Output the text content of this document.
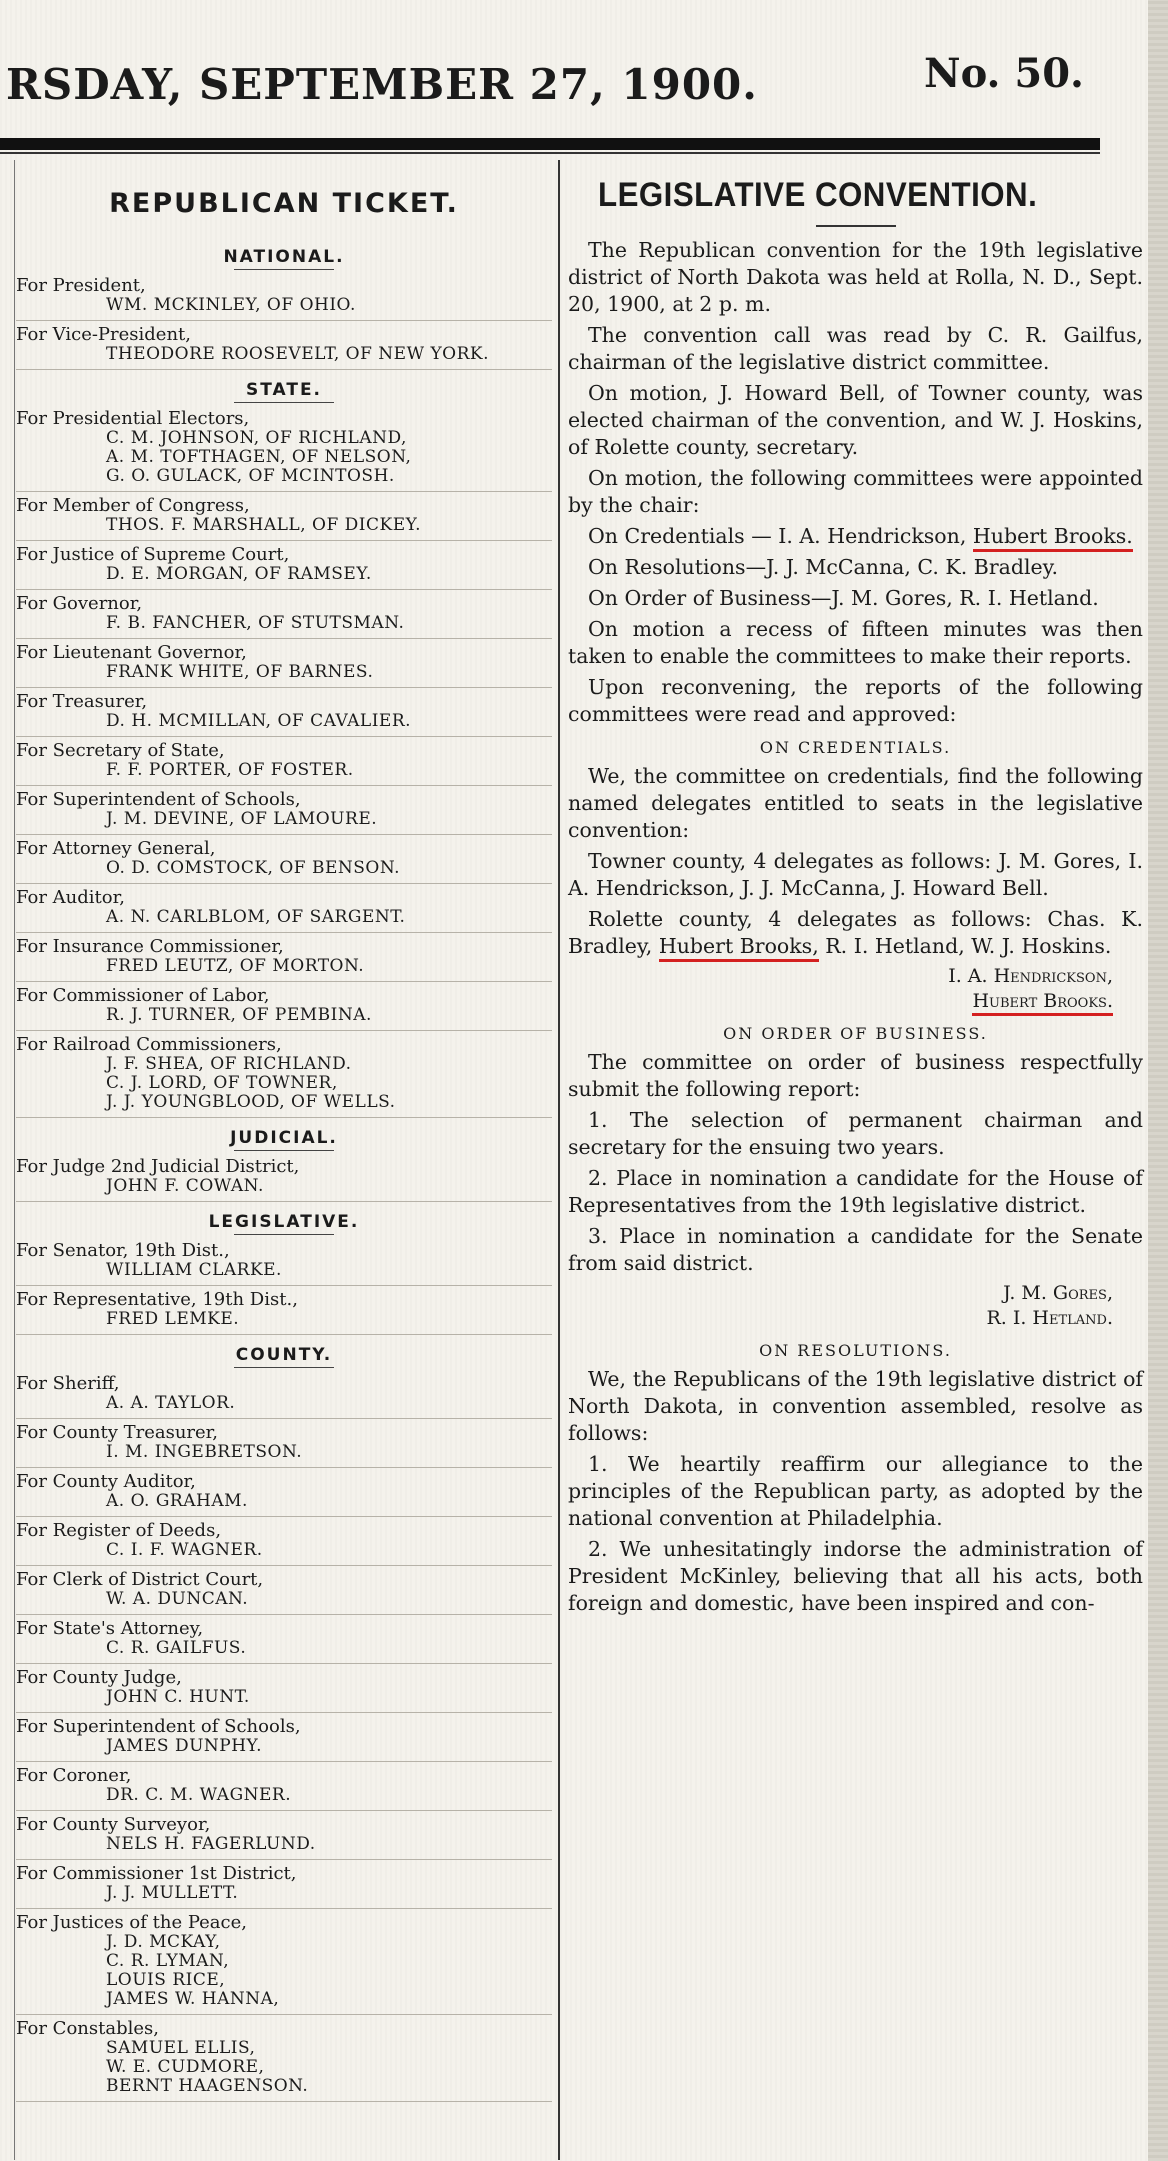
RSDAY, SEPTEMBER 27, 1900.	No. 50.
REPUBLICAN TICKET.
NATIONAL.
For President,
WM. MCKINLEY, OF OHIO.
For Vice-President,
THEODORE ROOSEVELT, OF NEW YORK.
STATE.
For Presidential Electors,
C. M. JOHNSON, OF RICHLAND,
A. M. TOFTHAGEN, OF NELSON,
G. O. GULACK, OF MCINTOSH.
For Member of Congress,
THOS. F. MARSHALL, OF DICKEY.
For Justice of Supreme Court,
D. E. MORGAN, OF RAMSEY.
For Governor,
F. B. FANCHER, OF STUTSMAN.
For Lieutenant Governor,
FRANK WHITE, OF BARNES.
For Treasurer,
D. H. MCMILLAN, OF CAVALIER.
For Secretary of State,
F. F. PORTER, OF FOSTER.
For Superintendent of Schools,
J. M. DEVINE, OF LAMOURE.
For Attorney General,
O. D. COMSTOCK, OF BENSON.
For Auditor,
A. N. CARLBLOM, OF SARGENT.
For Insurance Commissioner,
FRED LEUTZ, OF MORTON.
For Commissioner of Labor,
R. J. TURNER, OF PEMBINA.
For Railroad Commissioners,
J. F. SHEA, OF RICHLAND.
C. J. LORD, OF TOWNER,
J. J. YOUNGBLOOD, OF WELLS.
JUDICIAL.
For Judge 2nd Judicial District,
JOHN F. COWAN.
LEGISLATIVE.
For Senator, 19th Dist.,
WILLIAM CLARKE.
For Representative, 19th Dist.,
FRED LEMKE.
COUNTY.
For Sheriff,
A. A. TAYLOR.
For County Treasurer,
I. M. INGEBRETSON.
For County Auditor,
A. O. GRAHAM.
For Register of Deeds,
C. I. F. WAGNER.
For Clerk of District Court,
W. A. DUNCAN.
For State's Attorney,
C. R. GAILFUS.
For County Judge,
JOHN C. HUNT.
For Superintendent of Schools,
JAMES DUNPHY.
For Coroner,
DR. C. M. WAGNER.
For County Surveyor,
NELS H. FAGERLUND.
For Commissioner 1st District,
J. J. MULLETT.
For Justices of the Peace,
J. D. MCKAY,
C. R. LYMAN,
LOUIS RICE,
JAMES W. HANNA,
For Constables,
SAMUEL ELLIS,
W. E. CUDMORE,
BERNT HAAGENSON.
LEGISLATIVE CONVENTION.

The Republican convention for the 19th legislative district of North Dakota was held at Rolla, N. D., Sept. 20, 1900, at 2 p. m.

The convention call was read by C. R. Gailfus, chairman of the legislative district committee.

On motion, J. Howard Bell, of Towner county, was elected chairman of the convention, and W. J. Hoskins, of Rolette county, secretary.

On motion, the following committees were appointed by the chair:

On Credentials — I. A. Hendrickson, Hubert Brooks.

On Resolutions—J. J. McCanna, C. K. Bradley.

On Order of Business—J. M. Gores, R. I. Hetland.

On motion a recess of fifteen minutes was then taken to enable the committees to make their reports.

Upon reconvening, the reports of the following committees were read and approved:

ON CREDENTIALS.

We, the committee on credentials, find the following named delegates entitled to seats in the legislative convention:

Towner county, 4 delegates as follows: J. M. Gores, I. A. Hendrickson, J. J. McCanna, J. Howard Bell.

Rolette county, 4 delegates as follows: Chas. K. Bradley, Hubert Brooks, R. I. Hetland, W. J. Hoskins.

I. A. Hendrickson,
Hubert Brooks.
ON ORDER OF BUSINESS.

The committee on order of business respectfully submit the following report:

1. The selection of permanent chairman and secretary for the ensuing two years.

2. Place in nomination a candidate for the House of Representatives from the 19th legislative district.

3. Place in nomination a candidate for the Senate from said district.

J. M. Gores,
R. I. Hetland.
ON RESOLUTIONS.

We, the Republicans of the 19th legislative district of North Dakota, in convention assembled, resolve as follows:

1. We heartily reaffirm our allegiance to the principles of the Republican party, as adopted by the national convention at Philadelphia.

2. We unhesitatingly indorse the administration of President McKinley, believing that all his acts, both foreign and domestic, have been inspired and con-
